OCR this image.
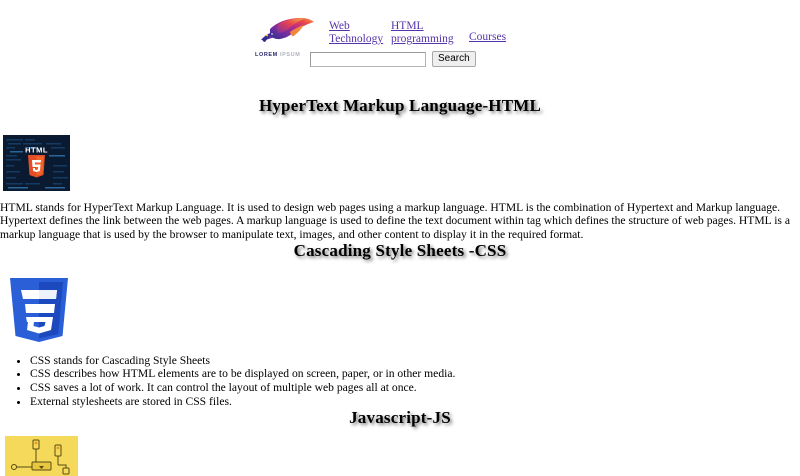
LOREM IPSUM
Web
Technology
HTML
programming	Courses
Search
HyperText Markup Language-HTML
HTML

HTML stands for HyperText Markup Language. It is used to design web pages using a markup language. HTML is the combination of Hypertext and Markup language. Hypertext defines the link between the web pages. A markup language is used to define the text document within tag which defines the structure of web pages. HTML is a markup language that is used by the browser to manipulate text, images, and other content to display it in the required format.

Cascading Style Sheets -CSS
• CSS stands for Cascading Style Sheets
• CSS describes how HTML elements are to be displayed on screen, paper, or in other media.
• CSS saves a lot of work. It can control the layout of multiple web pages all at once.
• External stylesheets are stored in CSS files.
Javascript-JS
